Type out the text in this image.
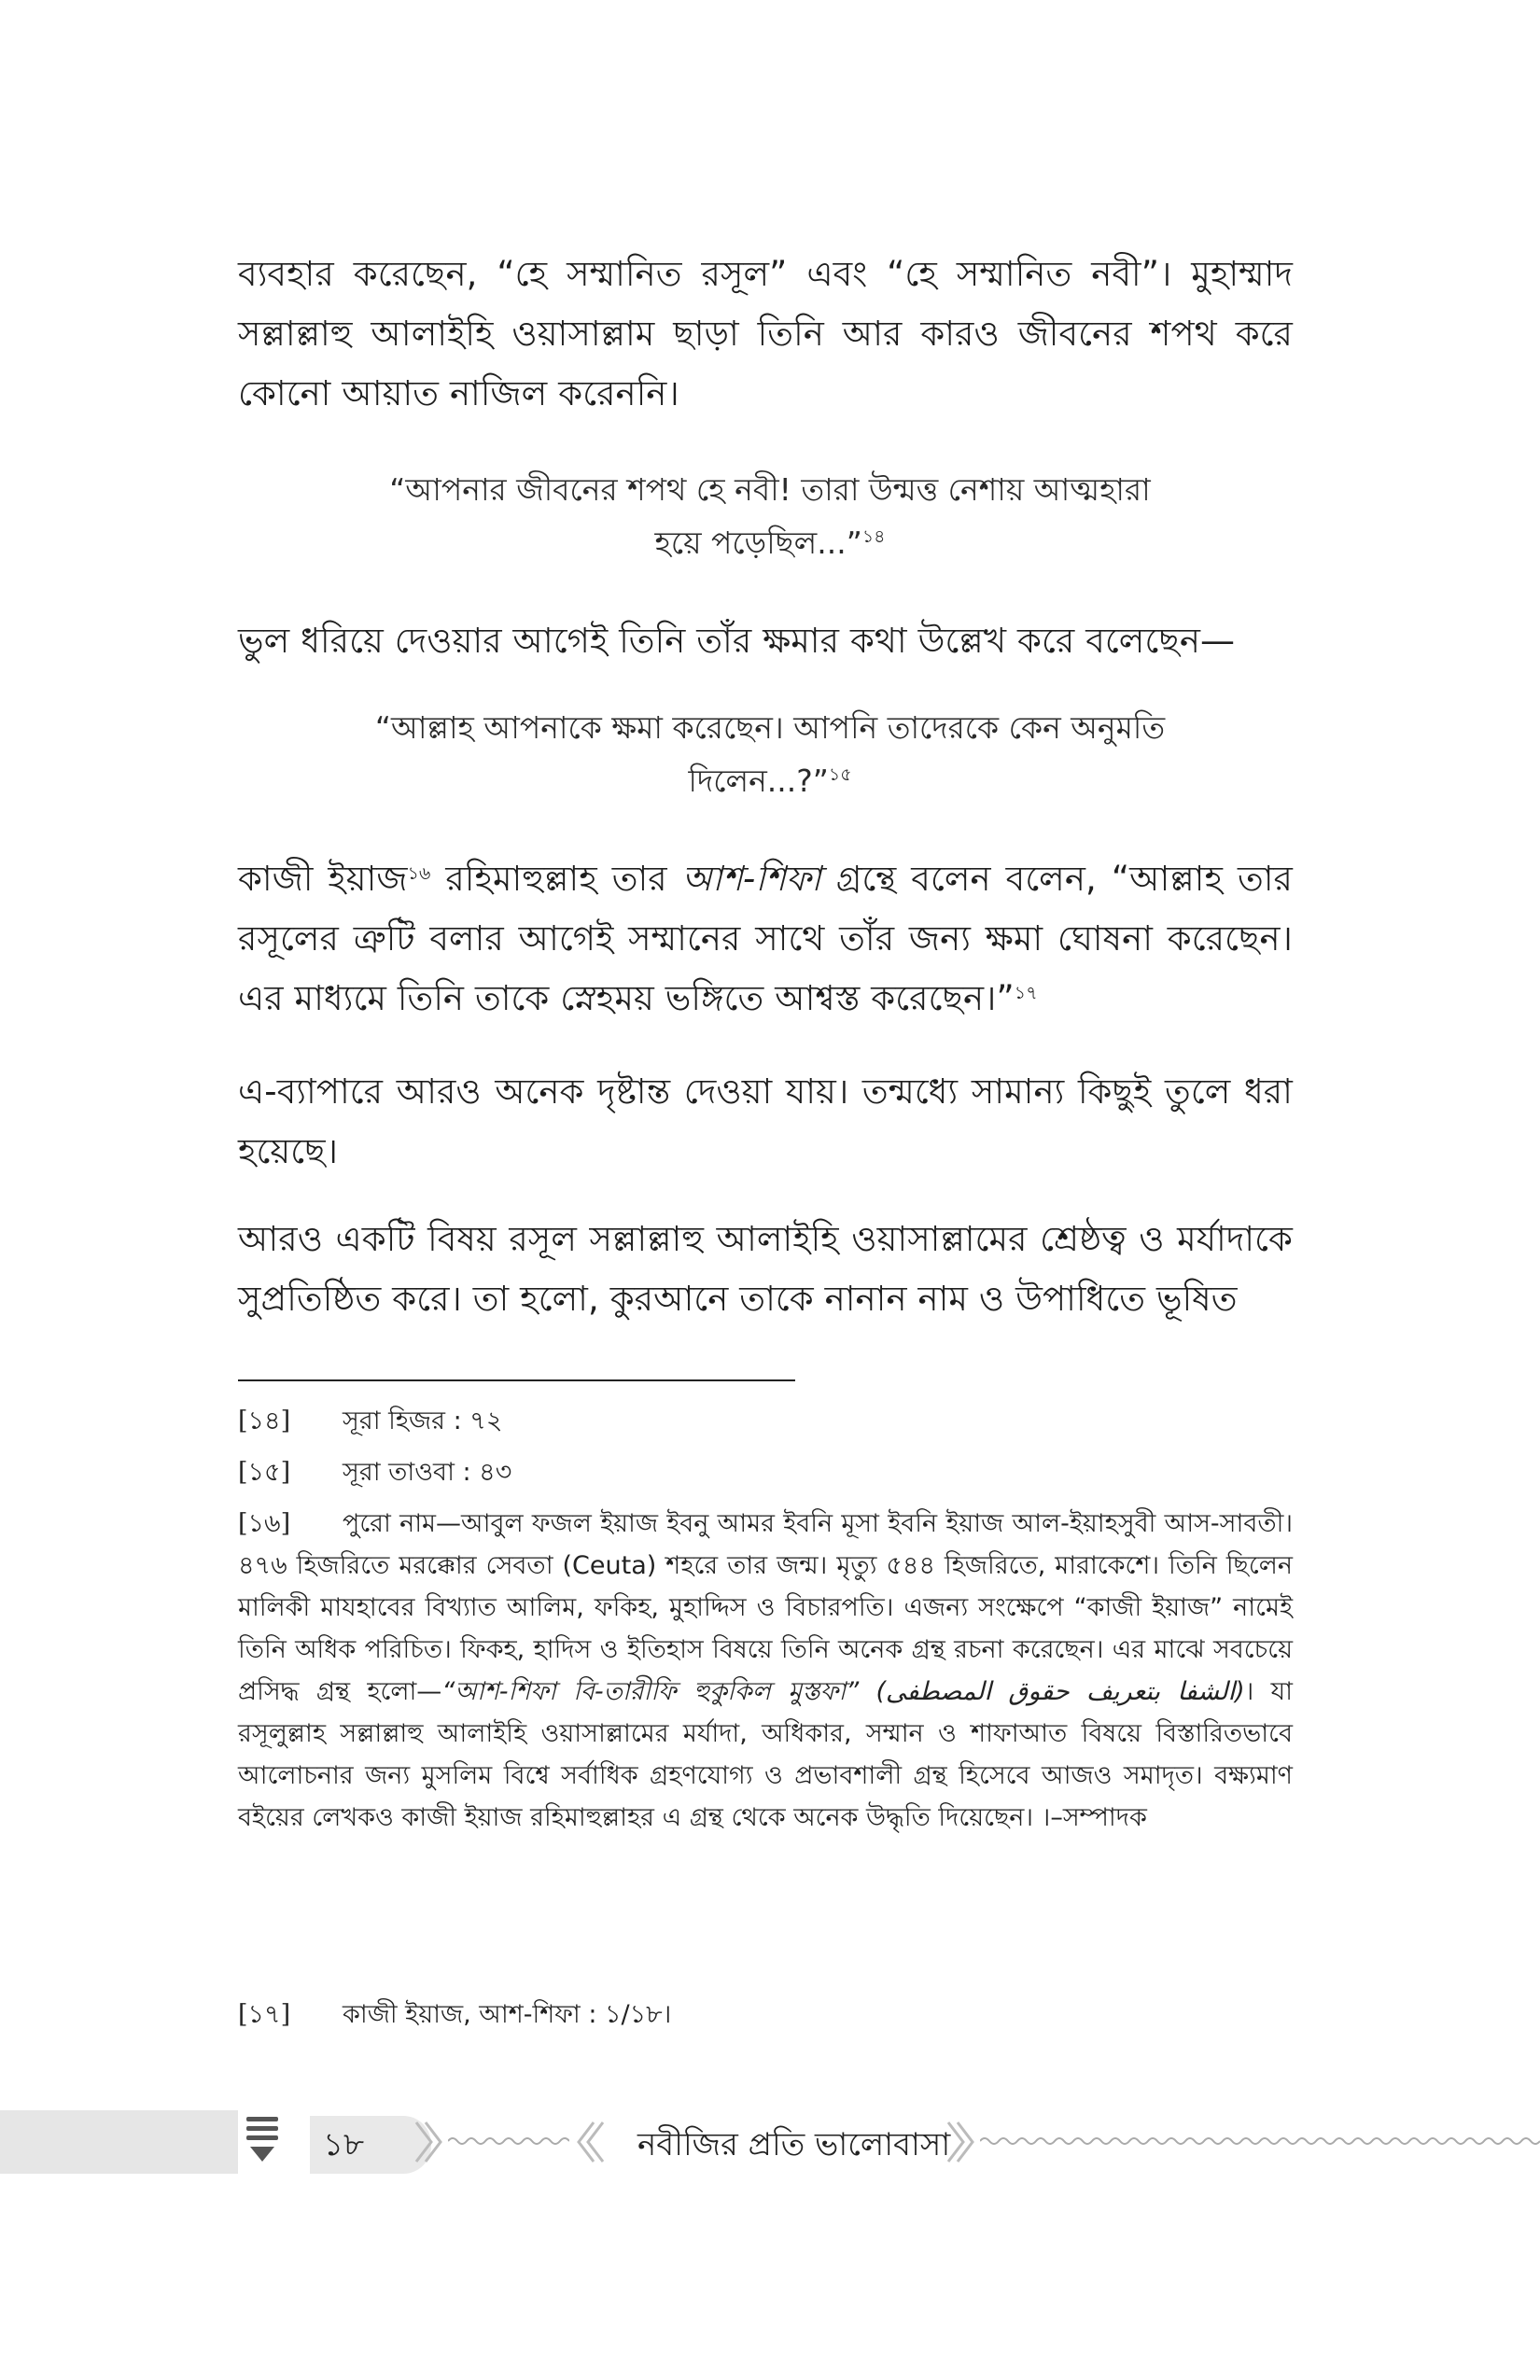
ব্যবহার করেছেন, “হে সম্মানিত রসূল” এবং “হে সম্মানিত নবী”। মুহাম্মাদ সল্লাল্লাহু আলাইহি ওয়াসাল্লাম ছাড়া তিনি আর কারও জীবনের শপথ করে কোনো আয়াত নাজিল করেননি।

“আপনার জীবনের শপথ হে নবী! তারা উন্মত্ত নেশায় আত্মহারা
হয়ে পড়েছিল...”$^{১৪}$

ভুল ধরিয়ে দেওয়ার আগেই তিনি তাঁর ক্ষমার কথা উল্লেখ করে বলেছেন—

“আল্লাহ আপনাকে ক্ষমা করেছেন। আপনি তাদেরকে কেন অনুমতি
দিলেন...?”$^{১৫}$

কাজী ইয়াজ$^{১৬}$ রহিমাহুল্লাহ তার আশ-শিফা গ্রন্থে বলেন বলেন, “আল্লাহ তার রসূলের ত্রুটি বলার আগেই সম্মানের সাথে তাঁর জন্য ক্ষমা ঘোষনা করেছেন। এর মাধ্যমে তিনি তাকে স্নেহময় ভঙ্গিতে আশ্বস্ত করেছেন।”$^{১৭}$

এ-ব্যাপারে আরও অনেক দৃষ্টান্ত দেওয়া যায়। তন্মধ্যে সামান্য কিছুই তুলে ধরা হয়েছে।

আরও একটি বিষয় রসূল সল্লাল্লাহু আলাইহি ওয়াসাল্লামের শ্রেষ্ঠত্ব ও মর্যাদাকে সুপ্রতিষ্ঠিত করে। তা হলো, কুরআনে তাকে নানান নাম ও উপাধিতে ভূষিত

[১৪] সূরা হিজর : ৭২
[১৫] সূরা তাওবা : ৪৩
[১৬] পুরো নাম—আবুল ফজল ইয়াজ ইবনু আমর ইবনি মূসা ইবনি ইয়াজ আল-ইয়াহসুবী আস-সাবতী। ৪৭৬ হিজরিতে মরক্কোর সেবতা (Ceuta) শহরে তার জন্ম। মৃত্যু ৫৪৪ হিজরিতে, মারাকেশে। তিনি ছিলেন মালিকী মাযহাবের বিখ্যাত আলিম, ফকিহ, মুহাদ্দিস ও বিচারপতি। এজন্য সংক্ষেপে “কাজী ইয়াজ” নামেই তিনি অধিক পরিচিত। ফিকহ, হাদিস ও ইতিহাস বিষয়ে তিনি অনেক গ্রন্থ রচনা করেছেন। এর মাঝে সবচেয়ে প্রসিদ্ধ গ্রন্থ হলো—“আশ-শিফা বি-তারীফি হুকুকিল মুস্তফা” (الشفا بتعريف حقوق المصطفى)। যা রসূলুল্লাহ সল্লাল্লাহু আলাইহি ওয়াসাল্লামের মর্যাদা, অধিকার, সম্মান ও শাফাআত বিষয়ে বিস্তারিতভাবে আলোচনার জন্য মুসলিম বিশ্বে সর্বাধিক গ্রহণযোগ্য ও প্রভাবশালী গ্রন্থ হিসেবে আজও সমাদৃত। বক্ষ্যমাণ বইয়ের লেখকও কাজী ইয়াজ রহিমাহুল্লাহর এ গ্রন্থ থেকে অনেক উদ্ধৃতি দিয়েছেন। ।–সম্পাদক
[১৭] কাজী ইয়াজ, আশ-শিফা : ১/১৮।
১৮	নবীজির প্রতি ভালোবাসা
